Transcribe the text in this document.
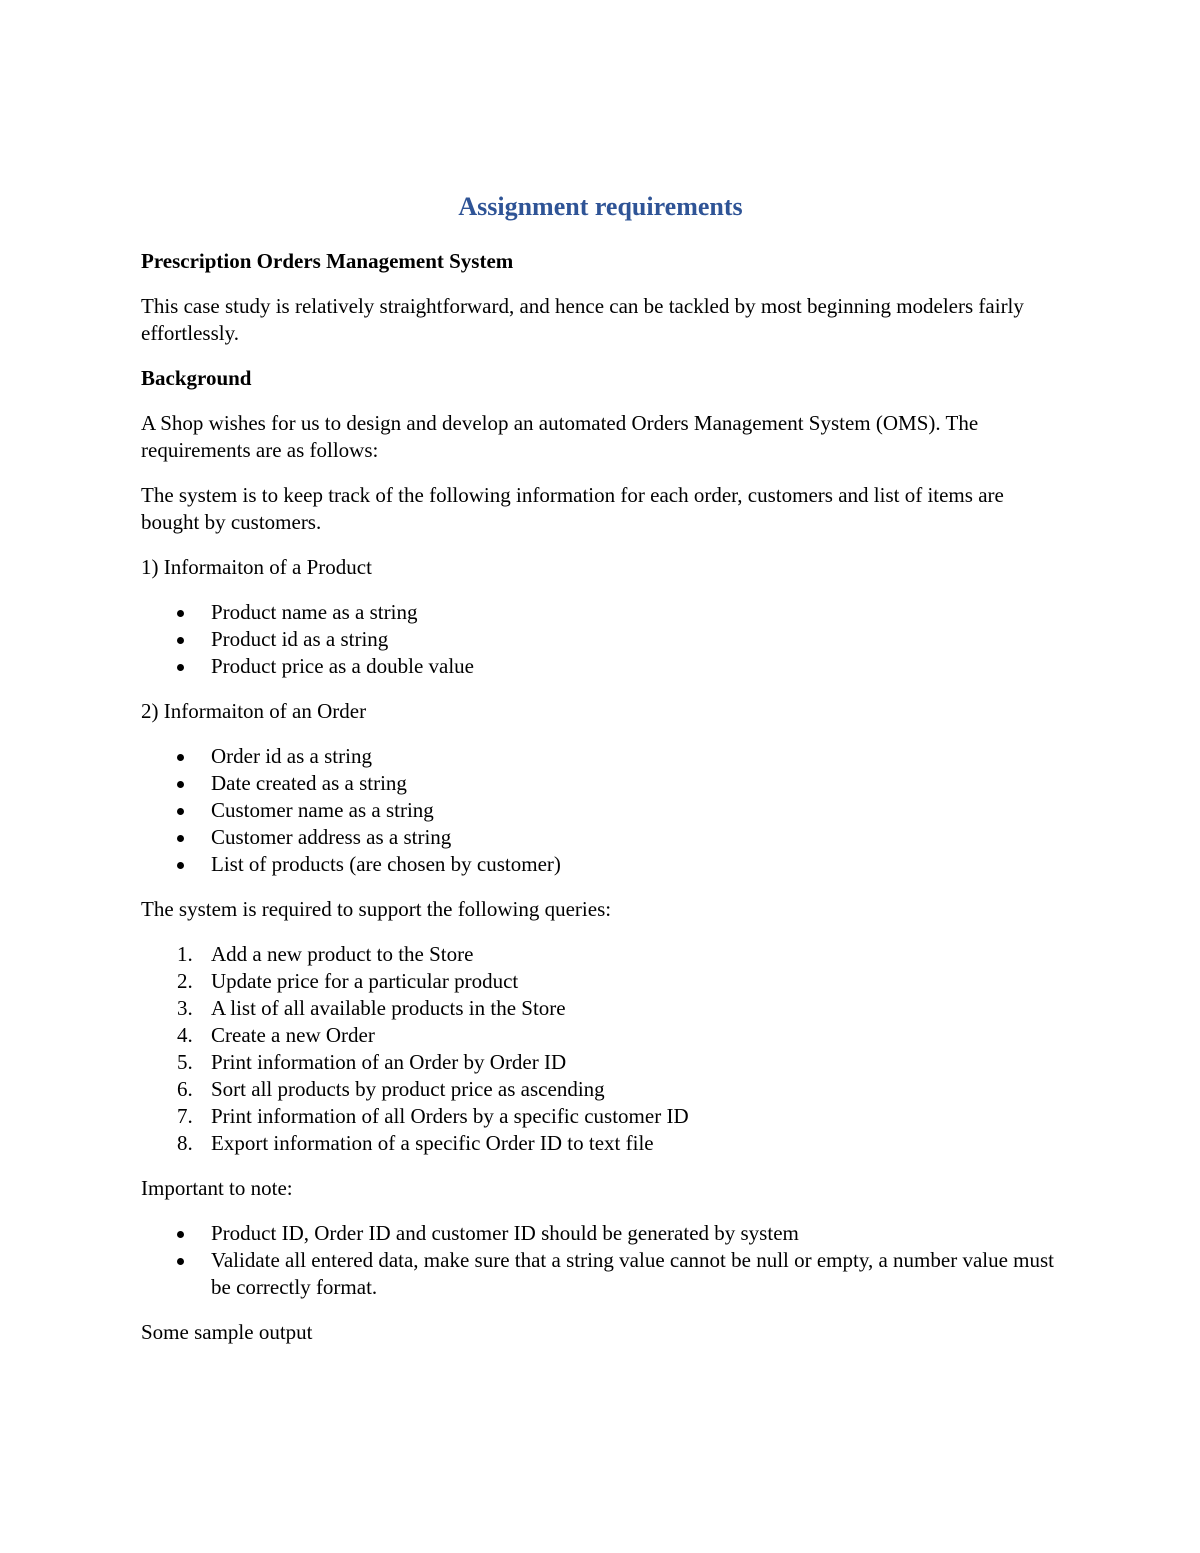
Assignment requirements

Prescription Orders Management System

This case study is relatively straightforward, and hence can be tackled by most beginning modelers fairly effortlessly.

Background

A Shop wishes for us to design and develop an automated Orders Management System (OMS). The requirements are as follows:

The system is to keep track of the following information for each order, customers and list of items are bought by customers.

1) Informaiton of a Product

Product name as a string
Product id as a string
Product price as a double value

2) Informaiton of an Order

Order id as a string
Date created as a string
Customer name as a string
Customer address as a string
List of products (are chosen by customer)

The system is required to support the following queries:

1. Add a new product to the Store
2. Update price for a particular product
3. A list of all available products in the Store
4. Create a new Order
5. Print information of an Order by Order ID
6. Sort all products by product price as ascending
7. Print information of all Orders by a specific customer ID
8. Export information of a specific Order ID to text file

Important to note:

Product ID, Order ID and customer ID should be generated by system
Validate all entered data, make sure that a string value cannot be null or empty, a number value must be correctly format.

Some sample output
